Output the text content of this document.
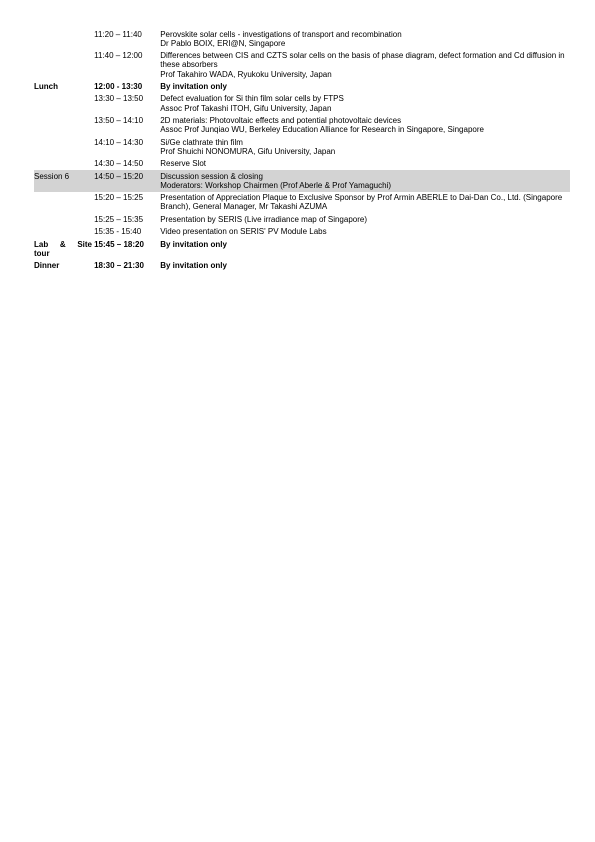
	11:20 – 11:40	Perovskite solar cells - investigations of transport and recombination
Dr Pablo BOIX, ERI@N, Singapore

	11:40 – 12:00	Differences between CIS and CZTS solar cells on the basis of phase diagram, defect formation and Cd diffusion in these absorbers
Prof Takahiro WADA, Ryukoku University, Japan

Lunch	12:00 - 13:30	By invitation only

	13:30 – 13:50	Defect evaluation for Si thin film solar cells by FTPS
Assoc Prof Takashi ITOH, Gifu University, Japan

	13:50 – 14:10	2D materials: Photovoltaic effects and potential photovoltaic devices
Assoc Prof Junqiao WU, Berkeley Education Alliance for Research in Singapore, Singapore

	14:10 – 14:30	Si/Ge clathrate thin film
Prof Shuichi NONOMURA, Gifu University, Japan

	14:30 – 14:50	Reserve Slot

Session 6	14:50 – 15:20	Discussion session & closing
Moderators: Workshop Chairmen (Prof Aberle & Prof Yamaguchi)

	15:20 – 15:25	Presentation of Appreciation Plaque to Exclusive Sponsor by Prof Armin ABERLE to Dai-Dan Co., Ltd. (Singapore Branch), General Manager, Mr Takashi AZUMA

	15:25 – 15:35	Presentation by SERIS (Live irradiance map of Singapore)

	15:35 - 15:40	Video presentation on SERIS' PV Module Labs

Lab & Site
tour	15:45 – 18:20	By invitation only

Dinner	18:30 – 21:30	By invitation only
